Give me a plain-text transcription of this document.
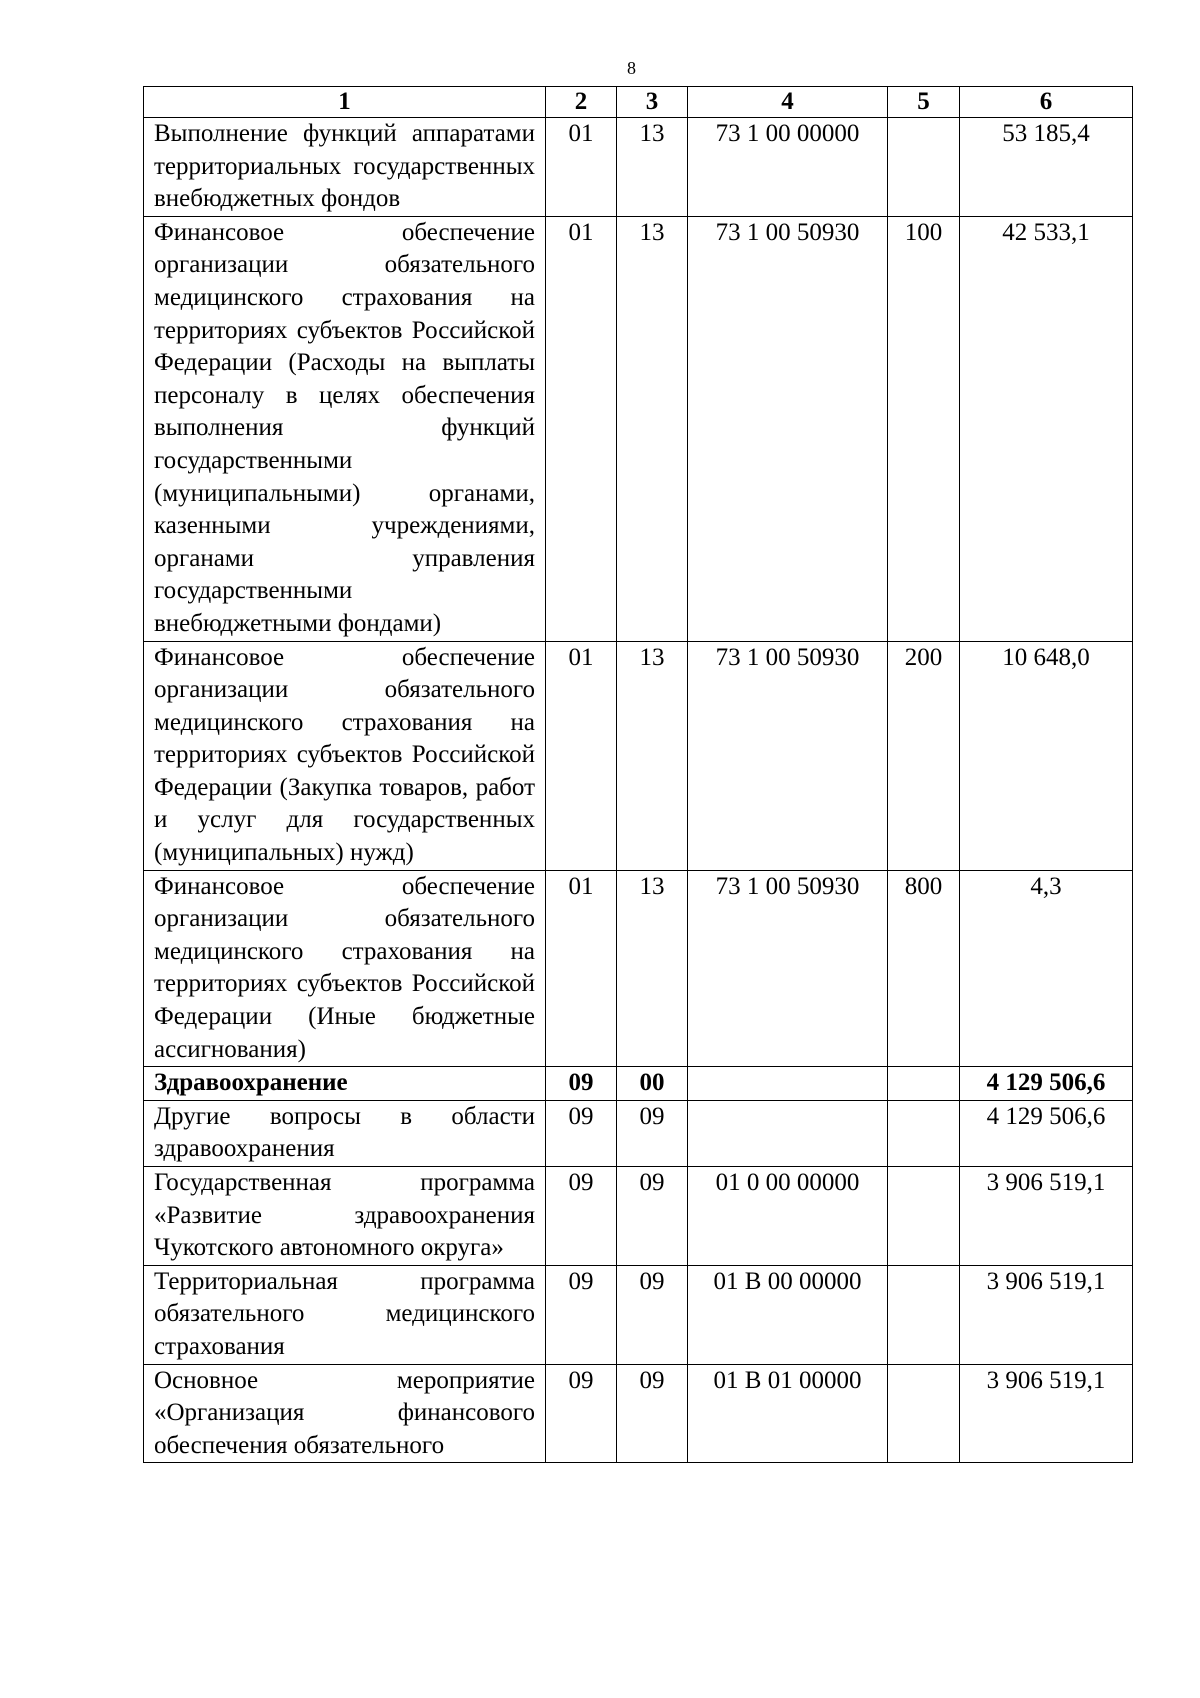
8
1	2	3	4	5	6
Выполнение функций аппаратами территориальных государственных внебюджетных фондов	01	13	73 1 00 00000		53 185,4
Финансовое обеспечение организации обязательного медицинского страхования на территориях субъектов Российской Федерации (Расходы на выплаты персоналу в целях обеспечения выполнения функций государственными (муниципальными) органами, казенными учреждениями, органами управления государственными внебюджетными фондами)	01	13	73 1 00 50930	100	42 533,1
Финансовое обеспечение организации обязательного медицинского страхования на территориях субъектов Российской Федерации (Закупка товаров, работ и услуг для государственных (муниципальных) нужд)	01	13	73 1 00 50930	200	10 648,0
Финансовое обеспечение организации обязательного медицинского страхования на территориях субъектов Российской Федерации (Иные бюджетные ассигнования)	01	13	73 1 00 50930	800	4,3
Здравоохранение	09	00			4 129 506,6
Другие вопросы в области здравоохранения	09	09			4 129 506,6
Государственная программа «Развитие здравоохранения Чукотского автономного округа»	09	09	01 0 00 00000		3 906 519,1
Территориальная программа обязательного медицинского страхования	09	09	01 В 00 00000		3 906 519,1
Основное мероприятие «Организация финансового обеспечения обязательного	09	09	01 В 01 00000		3 906 519,1
